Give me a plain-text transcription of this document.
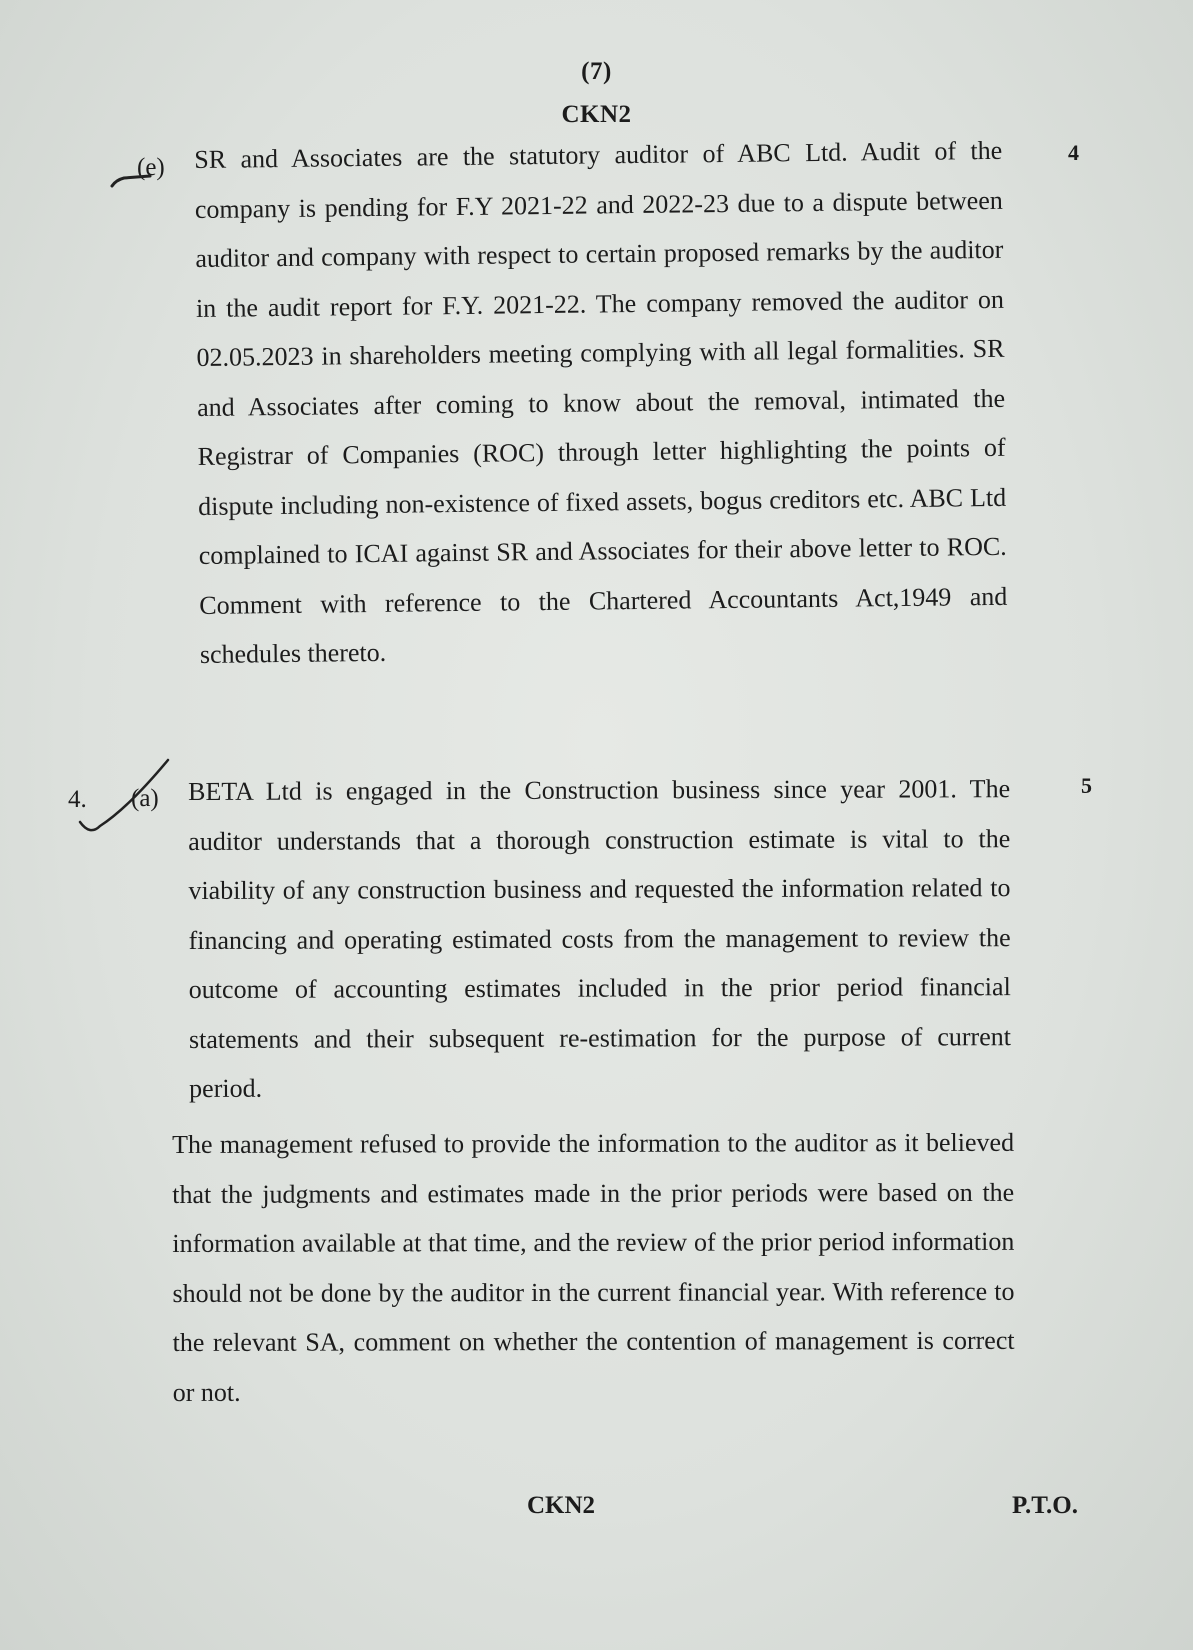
(7)
CKN2
(e)
4

SR and Associates are the statutory auditor of ABC Ltd. Audit of the company is pending for F.Y 2021-22 and 2022-23 due to a dispute between auditor and company with respect to certain proposed remarks by the auditor in the audit report for F.Y. 2021-22. The company removed the auditor on 02.05.2023 in shareholders meeting complying with all legal formalities. SR and Associates after coming to know about the removal, intimated the Registrar of Companies (ROC) through letter highlighting the points of dispute including non-existence of fixed assets, bogus creditors etc. ABC Ltd complained to ICAI against SR and Associates for their above letter to ROC. Comment with reference to the Chartered Accountants Act,1949 and schedules thereto.

4. (a)	5

BETA Ltd is engaged in the Construction business since year 2001. The auditor understands that a thorough construction estimate is vital to the viability of any construction business and requested the information related to financing and operating estimated costs from the management to review the outcome of accounting estimates included in the prior period financial statements and their subsequent re-estimation for the purpose of current period.

The management refused to provide the information to the auditor as it believed that the judgments and estimates made in the prior periods were based on the information available at that time, and the review of the prior period information should not be done by the auditor in the current financial year. With reference to the relevant SA, comment on whether the contention of management is correct or not.

CKN2	P.T.O.
